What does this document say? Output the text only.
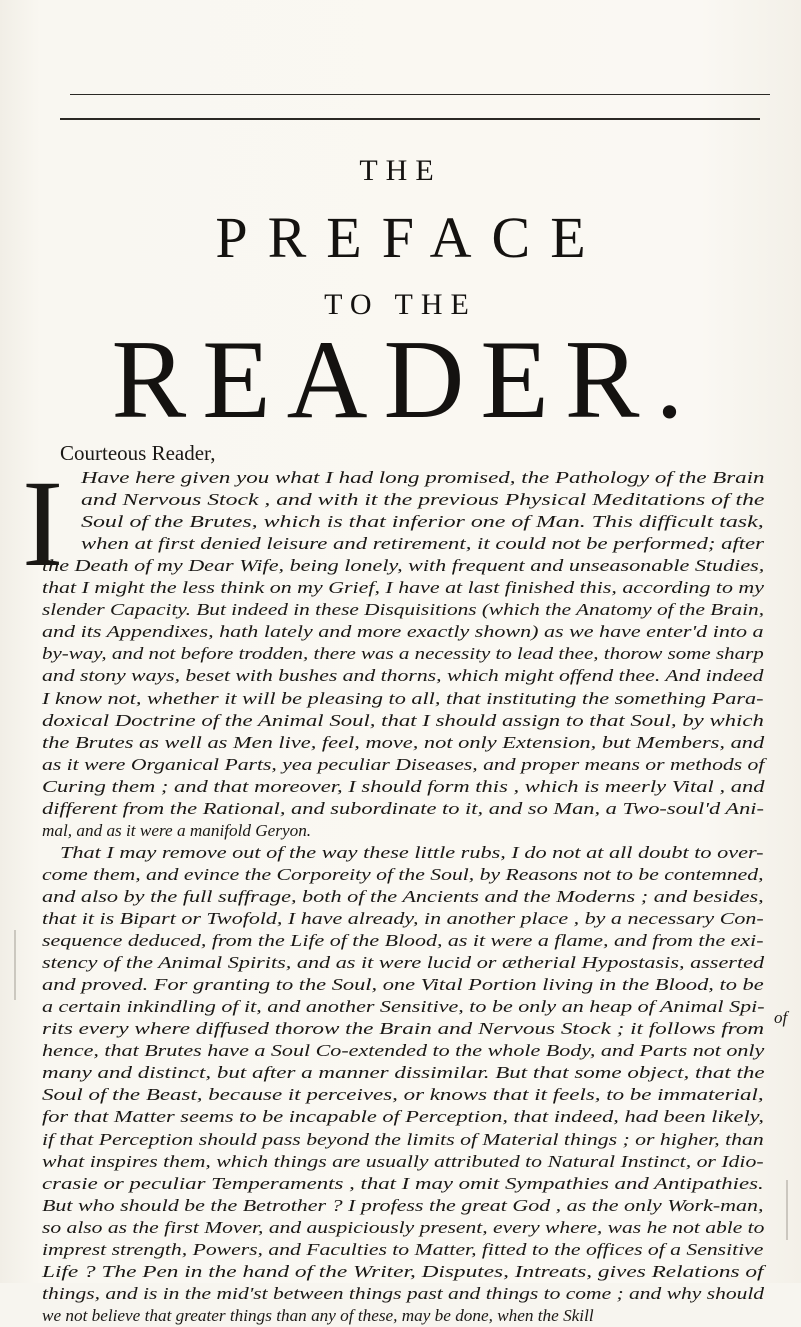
THE
PREFACE
TO THE
READER.
Courteous Reader,
I Have here given you what I had long promised, the Pathology of the Brain
and Nervous Stock , and with it the previous Physical Meditations of the
Soul of the Brutes, which is that inferior one of Man. This difficult task,
when at first denied leisure and retirement, it could not be performed; after
the Death of my Dear Wife, being lonely, with frequent and unseasonable Studies,
that I might the less think on my Grief, I have at last finished this, according to my
slender Capacity. But indeed in these Disquisitions (which the Anatomy of the Brain,
and its Appendixes, hath lately and more exactly shown) as we have enter'd into a
by-way, and not before trodden, there was a necessity to lead thee, thorow some sharp
and stony ways, beset with bushes and thorns, which might offend thee. And indeed
I know not, whether it will be pleasing to all, that instituting the something Para-
doxical Doctrine of the Animal Soul, that I should assign to that Soul, by which
the Brutes as well as Men live, feel, move, not only Extension, but Members, and
as it were Organical Parts, yea peculiar Diseases, and proper means or methods of
Curing them ; and that moreover, I should form this , which is meerly Vital , and
different from the Rational, and subordinate to it, and so Man, a Two-soul'd Ani-
mal, and as it were a manifold Geryon.
That I may remove out of the way these little rubs, I do not at all doubt to over-
come them, and evince the Corporeity of the Soul, by Reasons not to be contemned,
and also by the full suffrage, both of the Ancients and the Moderns ; and besides,
that it is Bipart or Twofold, I have already, in another place , by a necessary Con-
sequence deduced, from the Life of the Blood, as it were a flame, and from the exi-
stency of the Animal Spirits, and as it were lucid or ætherial Hypostasis, asserted
and proved. For granting to the Soul, one Vital Portion living in the Blood, to be
a certain inkindling of it, and another Sensitive, to be only an heap of Animal Spi-
rits every where diffused thorow the Brain and Nervous Stock ; it follows from
hence, that Brutes have a Soul Co-extended to the whole Body, and Parts not only
many and distinct, but after a manner dissimilar. But that some object, that the
Soul of the Beast, because it perceives, or knows that it feels, to be immaterial,
for that Matter seems to be incapable of Perception, that indeed, had been likely,
if that Perception should pass beyond the limits of Material things ; or higher, than
what inspires them, which things are usually attributed to Natural Instinct, or Idio-
crasie or peculiar Temperaments , that I may omit Sympathies and Antipathies.
But who should be the Betrother ? I profess the great God , as the only Work-man,
so also as the first Mover, and auspiciously present, every where, was he not able to
imprest strength, Powers, and Faculties to Matter, fitted to the offices of a Sensitive
Life ? The Pen in the hand of the Writer, Disputes, Intreats, gives Relations of
things, and is in the mid'st between things past and things to come ; and why should
we not believe that greater things than any of these, may be done, when the Skill
of
